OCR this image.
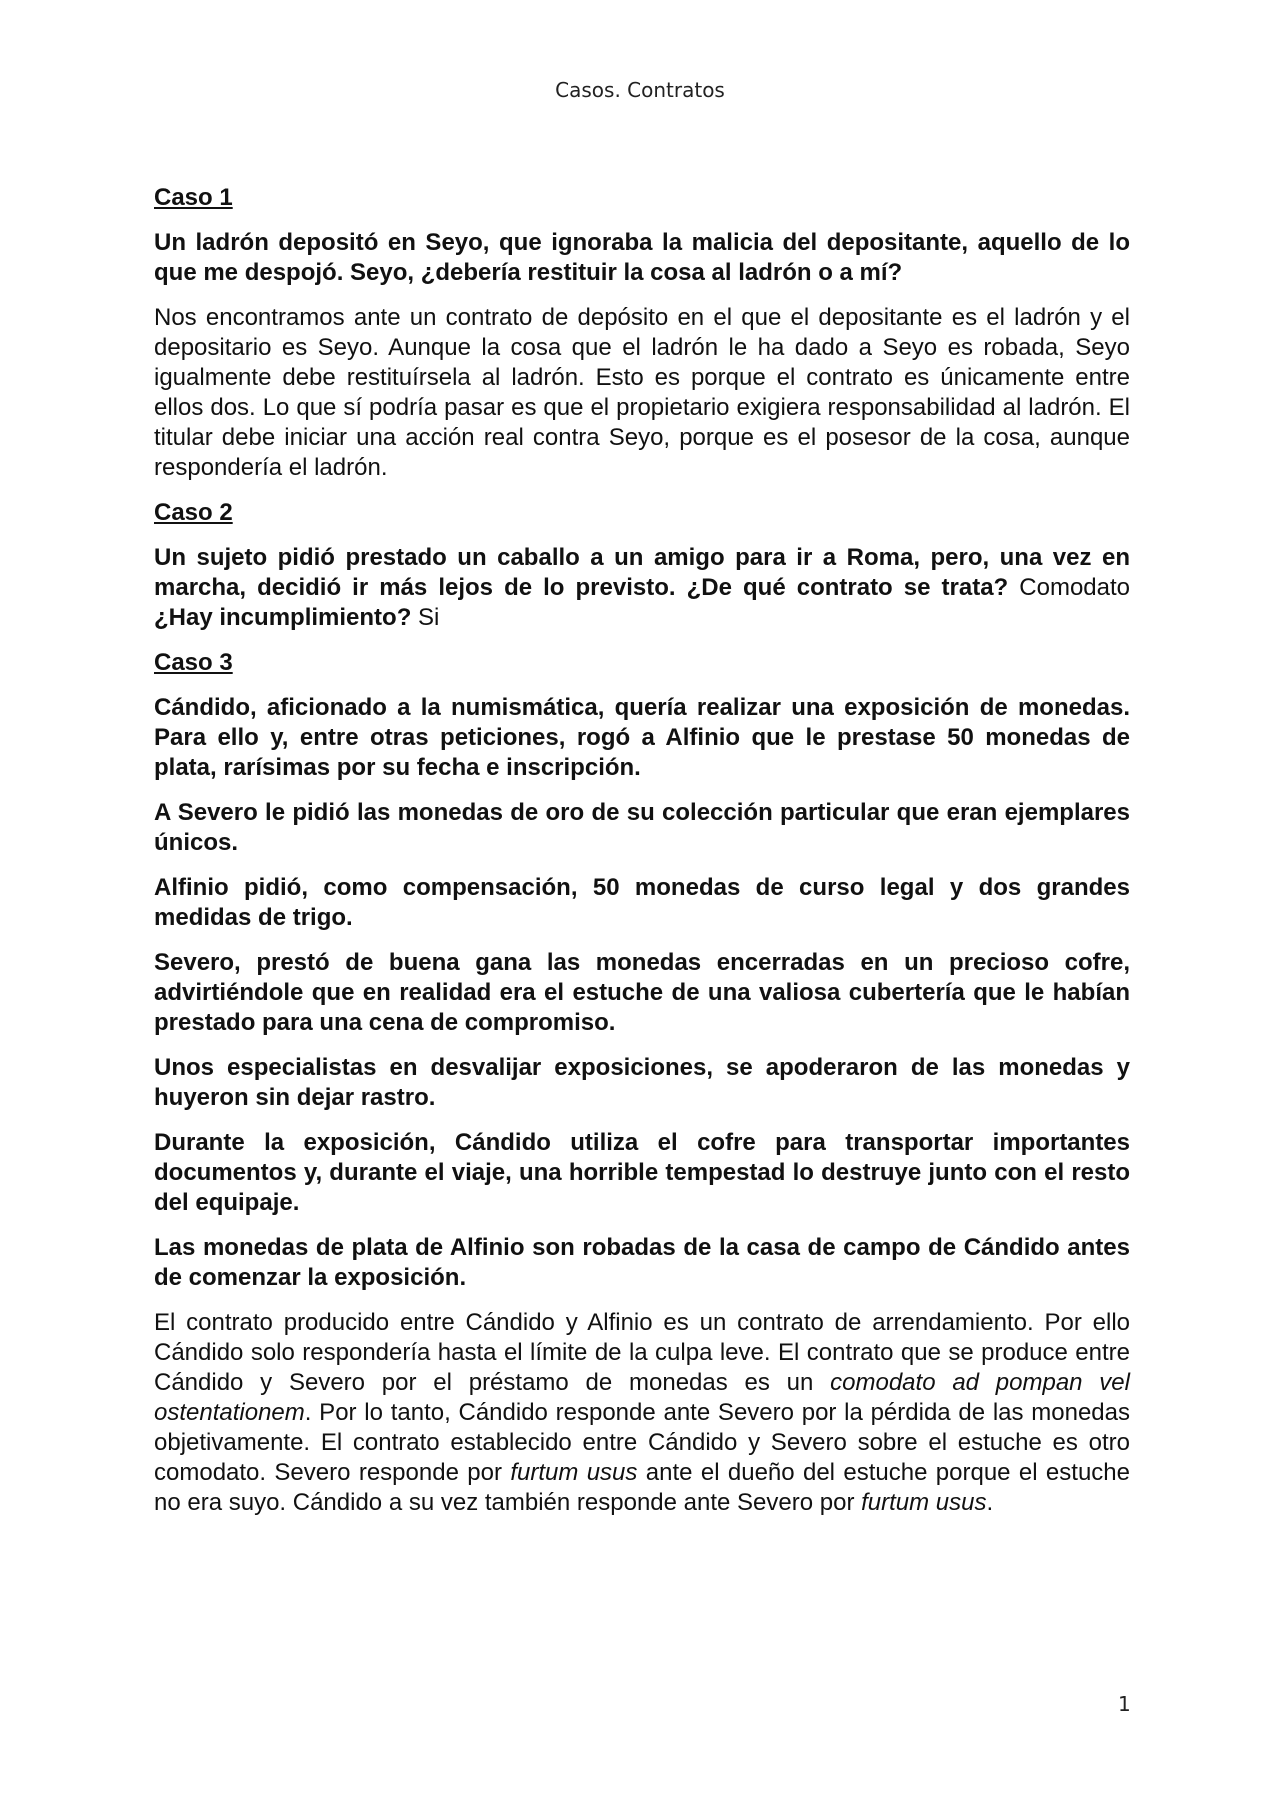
Casos. Contratos
Caso 1

Un ladrón depositó en Seyo, que ignoraba la malicia del depositante, aquello de lo que me despojó. Seyo, ¿debería restituir la cosa al ladrón o a mí?

Nos encontramos ante un contrato de depósito en el que el depositante es el ladrón y el depositario es Seyo. Aunque la cosa que el ladrón le ha dado a Seyo es robada, Seyo igualmente debe restituírsela al ladrón. Esto es porque el contrato es únicamente entre ellos dos. Lo que sí podría pasar es que el propietario exigiera responsabilidad al ladrón. El titular debe iniciar una acción real contra Seyo, porque es el posesor de la cosa, aunque respondería el ladrón.

Caso 2

Un sujeto pidió prestado un caballo a un amigo para ir a Roma, pero, una vez en marcha, decidió ir más lejos de lo previsto. ¿De qué contrato se trata? Comodato ¿Hay incumplimiento? Si

Caso 3

Cándido, aficionado a la numismática, quería realizar una exposición de monedas. Para ello y, entre otras peticiones, rogó a Alfinio que le prestase 50 monedas de plata, rarísimas por su fecha e inscripción.

A Severo le pidió las monedas de oro de su colección particular que eran ejemplares únicos.

Alfinio pidió, como compensación, 50 monedas de curso legal y dos grandes medidas de trigo.

Severo, prestó de buena gana las monedas encerradas en un precioso cofre, advirtiéndole que en realidad era el estuche de una valiosa cubertería que le habían prestado para una cena de compromiso.

Unos especialistas en desvalijar exposiciones, se apoderaron de las monedas y huyeron sin dejar rastro.

Durante la exposición, Cándido utiliza el cofre para transportar importantes documentos y, durante el viaje, una horrible tempestad lo destruye junto con el resto del equipaje.

Las monedas de plata de Alfinio son robadas de la casa de campo de Cándido antes de comenzar la exposición.

El contrato producido entre Cándido y Alfinio es un contrato de arrendamiento. Por ello Cándido solo respondería hasta el límite de la culpa leve. El contrato que se produce entre Cándido y Severo por el préstamo de monedas es un comodato ad pompan vel ostentationem. Por lo tanto, Cándido responde ante Severo por la pérdida de las monedas objetivamente. El contrato establecido entre Cándido y Severo sobre el estuche es otro comodato. Severo responde por furtum usus ante el dueño del estuche porque el estuche no era suyo. Cándido a su vez también responde ante Severo por furtum usus.

1
